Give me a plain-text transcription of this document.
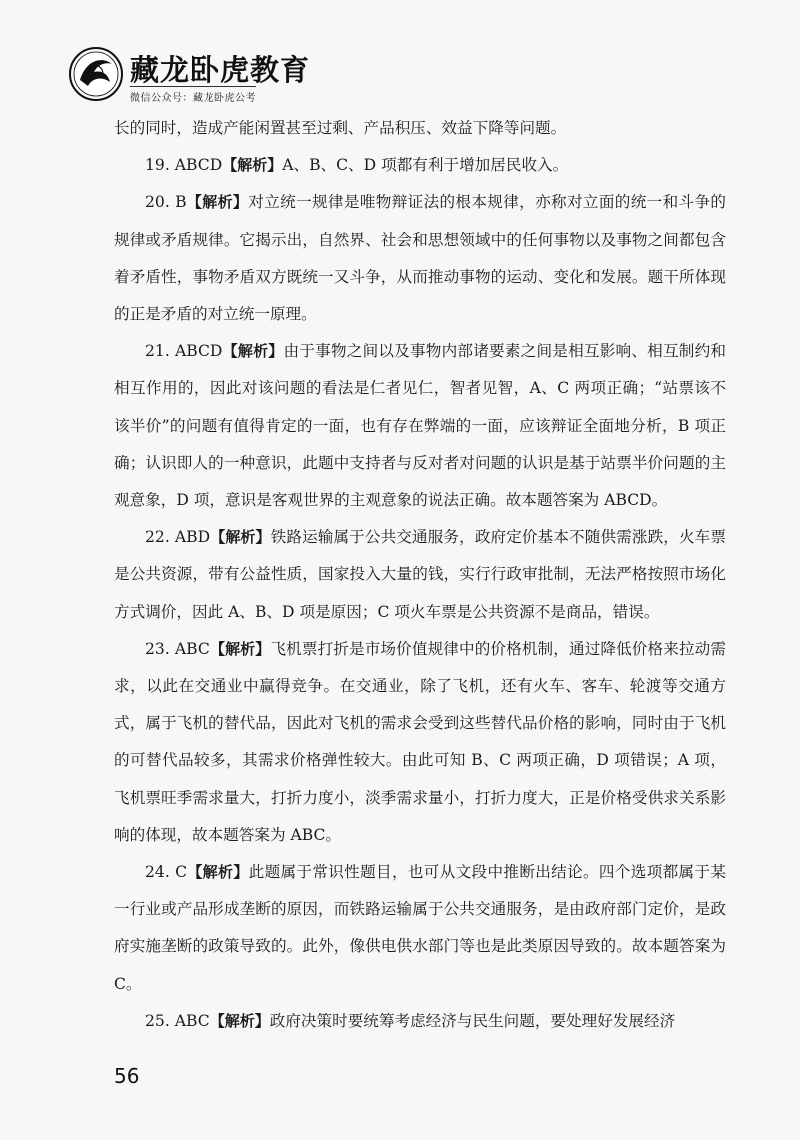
藏龙卧虎教育
微信公众号：藏龙卧虎公考

长的同时，造成产能闲置甚至过剩、产品积压、效益下降等问题。

19. ABCD【解析】A、B、C、D 项都有利于增加居民收入。

20. B【解析】对立统一规律是唯物辩证法的根本规律，亦称对立面的统一和斗争的规律或矛盾规律。它揭示出，自然界、社会和思想领域中的任何事物以及事物之间都包含着矛盾性，事物矛盾双方既统一又斗争，从而推动事物的运动、变化和发展。题干所体现的正是矛盾的对立统一原理。

21. ABCD【解析】由于事物之间以及事物内部诸要素之间是相互影响、相互制约和相互作用的，因此对该问题的看法是仁者见仁，智者见智，A、C 两项正确；“站票该不该半价”的问题有值得肯定的一面，也有存在弊端的一面，应该辩证全面地分析，B 项正确；认识即人的一种意识，此题中支持者与反对者对问题的认识是基于站票半价问题的主观意象，D 项，意识是客观世界的主观意象的说法正确。故本题答案为 ABCD。

22. ABD【解析】铁路运输属于公共交通服务，政府定价基本不随供需涨跌，火车票是公共资源，带有公益性质，国家投入大量的钱，实行行政审批制，无法严格按照市场化方式调价，因此 A、B、D 项是原因；C 项火车票是公共资源不是商品，错误。

23. ABC【解析】飞机票打折是市场价值规律中的价格机制，通过降低价格来拉动需求，以此在交通业中赢得竞争。在交通业，除了飞机，还有火车、客车、轮渡等交通方式，属于飞机的替代品，因此对飞机的需求会受到这些替代品价格的影响，同时由于飞机的可替代品较多，其需求价格弹性较大。由此可知 B、C 两项正确，D 项错误；A 项，飞机票旺季需求量大，打折力度小，淡季需求量小，打折力度大，正是价格受供求关系影响的体现，故本题答案为 ABC。

24. C【解析】此题属于常识性题目，也可从文段中推断出结论。四个选项都属于某一行业或产品形成垄断的原因，而铁路运输属于公共交通服务，是由政府部门定价，是政府实施垄断的政策导致的。此外，像供电供水部门等也是此类原因导致的。故本题答案为 C。

25. ABC【解析】政府决策时要统筹考虑经济与民生问题，要处理好发展经济

56
